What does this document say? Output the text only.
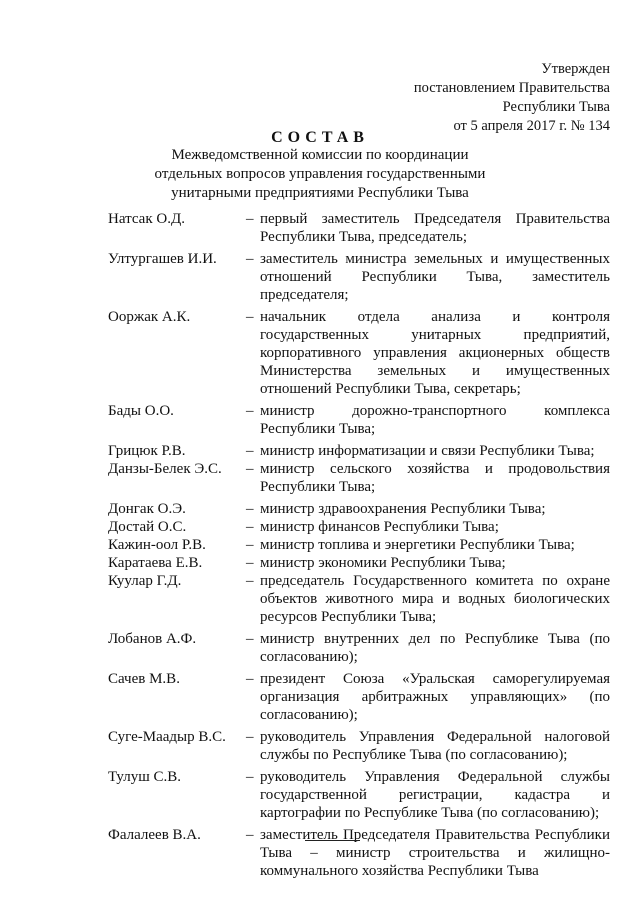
Утвержден
постановлением Правительства
Республики Тыва
от 5 апреля 2017 г. № 134
СОСТАВ
Межведомственной комиссии по координации
отдельных вопросов управления государственными
унитарными предприятиями Республики Тыва
Натсак О.Д.	– первый заместитель Председателя Правительства Республики Тыва, председатель;
Ултургашев И.И.	– заместитель министра земельных и имущественных отношений Республики Тыва, заместитель председателя;
Ооржак А.К.	– начальник отдела анализа и контроля государственных унитарных предприятий, корпоративного управления акционерных обществ Министерства земельных и имущественных отношений Республики Тыва, секретарь;
Бады О.О.	– министр дорожно-транспортного комплекса Республики Тыва;
Грицюк Р.В.	– министр информатизации и связи Республики Тыва;
Данзы-Белек Э.С.	– министр сельского хозяйства и продовольствия Республики Тыва;
Донгак О.Э.	– министр здравоохранения Республики Тыва;
Достай О.С.	– министр финансов Республики Тыва;
Кажин-оол Р.В.	– министр топлива и энергетики Республики Тыва;
Каратаева Е.В.	– министр экономики Республики Тыва;
Куулар Г.Д.	– председатель Государственного комитета по охране объектов животного мира и водных биологических ресурсов Республики Тыва;
Лобанов А.Ф.	– министр внутренних дел по Республике Тыва (по согласованию);
Сачев М.В.	– президент Союза «Уральская саморегулируемая организация арбитражных управляющих» (по согласованию);
Суге-Маадыр В.С.	– руководитель Управления Федеральной налоговой службы по Республике Тыва (по согласованию);
Тулуш С.В.	– руководитель Управления Федеральной службы государственной регистрации, кадастра и картографии по Республике Тыва (по согласованию);
Фалалеев В.А.	– заместитель Председателя Правительства Республики Тыва – министр строительства и жилищно-коммунального хозяйства Республики Тыва
